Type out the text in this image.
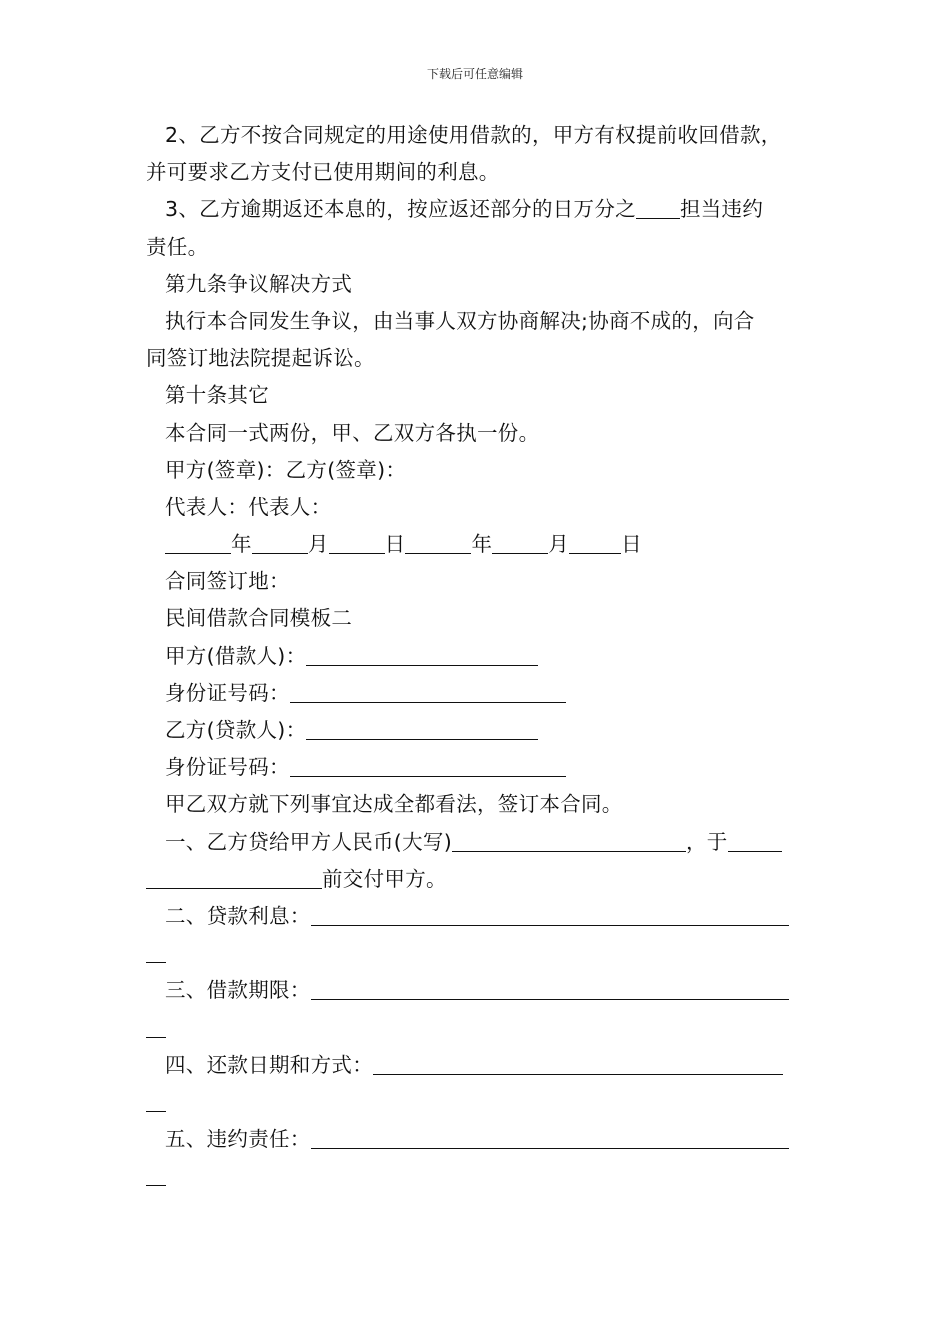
下载后可任意编辑
2、乙方不按合同规定的用途使用借款的，甲方有权提前收回借款，
并可要求乙方支付已使用期间的利息。
3、乙方逾期返还本息的，按应返还部分的日万分之 担当违约
责任。
第九条争议解决方式
执行本合同发生争议，由当事人双方协商解决;协商不成的，向合
同签订地法院提起诉讼。
第十条其它
本合同一式两份，甲、乙双方各执一份。
甲方(签章)：乙方(签章)：
代表人：代表人：
年	月	日	年	月	日
合同签订地：
民间借款合同模板二
甲方(借款人)：
身份证号码：
乙方(贷款人)：
身份证号码：
甲乙双方就下列事宜达成全都看法，签订本合同。
一、乙方贷给甲方人民币(大写)	，于
前交付甲方。
二、贷款利息：
三、借款期限：
四、还款日期和方式：
五、违约责任：
